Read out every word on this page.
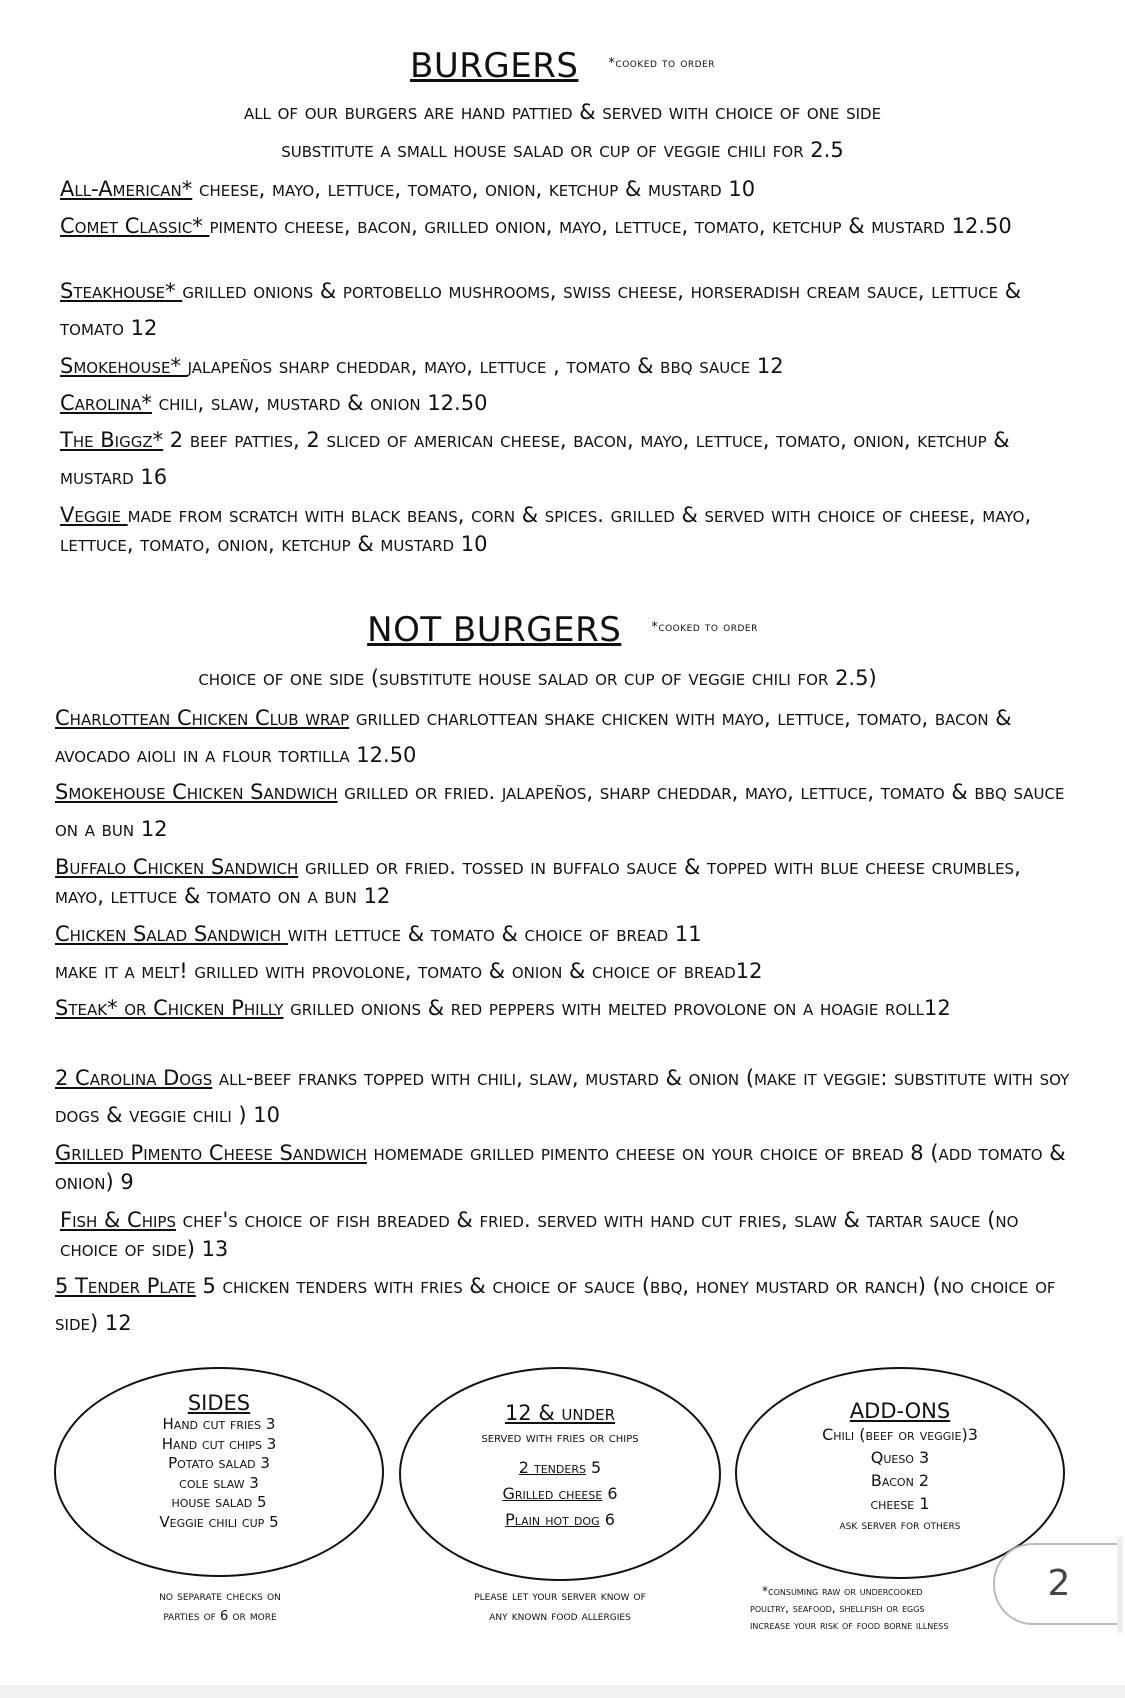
BURGERS *cooked to order
all of our burgers are hand pattied & served with choice of one side
substitute a small house salad or cup of veggie chili for 2.5
All-American* cheese, mayo, lettuce, tomato, onion, ketchup & mustard 10
Comet Classic* pimento cheese, bacon, grilled onion, mayo, lettuce, tomato, ketchup & mustard 12.50
Steakhouse* grilled onions & portobello mushrooms, swiss cheese, horseradish cream sauce, lettuce & tomato 12
Smokehouse* jalapeños sharp cheddar, mayo, lettuce , tomato & bbq sauce 12
Carolina* chili, slaw, mustard & onion 12.50
The Biggz* 2 beef patties, 2 sliced of american cheese, bacon, mayo, lettuce, tomato, onion, ketchup & mustard 16
Veggie made from scratch with black beans, corn & spices. grilled & served with choice of cheese, mayo, lettuce, tomato, onion, ketchup & mustard 10
NOT BURGERS *cooked to order
choice of one side (substitute house salad or cup of veggie chili for 2.5)
Charlottean Chicken Club wrap grilled charlottean shake chicken with mayo, lettuce, tomato, bacon & avocado aioli in a flour tortilla 12.50
Smokehouse Chicken Sandwich grilled or fried. jalapeños, sharp cheddar, mayo, lettuce, tomato & bbq sauce on a bun 12
Buffalo Chicken Sandwich grilled or fried. tossed in buffalo sauce & topped with blue cheese crumbles, mayo, lettuce & tomato on a bun 12
Chicken Salad Sandwich with lettuce & tomato & choice of bread 11
make it a melt! grilled with provolone, tomato & onion & choice of bread12
Steak* or Chicken Philly grilled onions & red peppers with melted provolone on a hoagie roll12
2 Carolina Dogs all-beef franks topped with chili, slaw, mustard & onion (make it veggie: substitute with soy dogs & veggie chili ) 10
Grilled Pimento Cheese Sandwich homemade grilled pimento cheese on your choice of bread 8 (add tomato & onion) 9
Fish & Chips chef's choice of fish breaded & fried. served with hand cut fries, slaw & tartar sauce (no choice of side) 13
5 Tender Plate 5 chicken tenders with fries & choice of sauce (bbq, honey mustard or ranch) (no choice of side) 12
SIDES
Hand cut fries 3
Hand cut chips 3
Potato salad 3
cole slaw 3
house salad 5
Veggie chili cup 5
12 & under
served with fries or chips
2 tenders 5
Grilled cheese 6
Plain hot dog 6
ADD-ONS
Chili (beef or veggie)3
Queso 3
Bacon 2
cheese 1
ask server for others
no separate checks on
parties of 6 or more
please let your server know of
any known food allergies
*consuming raw or undercooked
poultry, seafood, shellfish or eggs
increase your risk of food borne illness
2
